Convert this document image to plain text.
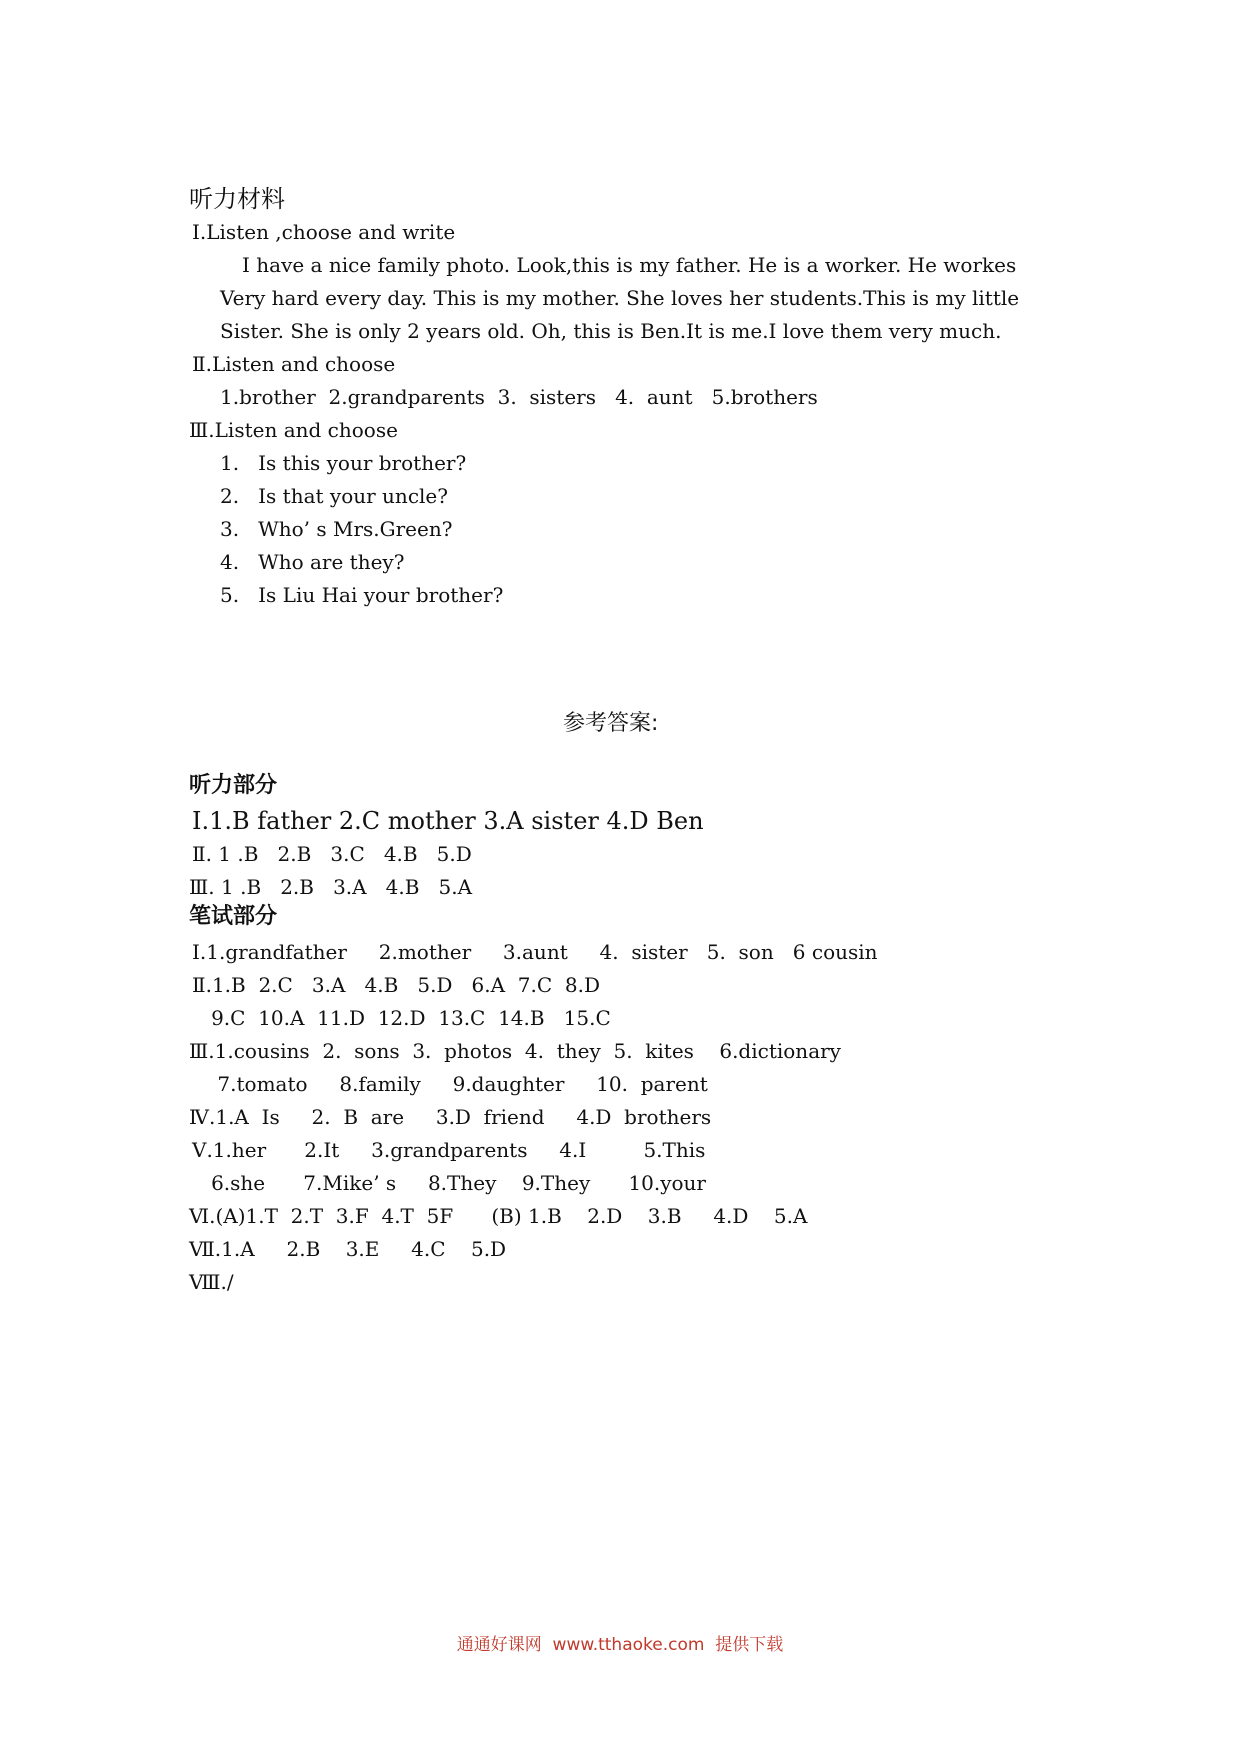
听力材料
Ⅰ.Listen ,choose and write
I have a nice family photo. Look,this is my father. He is a worker. He workes
Very hard every day. This is my mother. She loves her students.This is my little
Sister. She is only 2 years old. Oh, this is Ben.It is me.I love them very much.
Ⅱ.Listen and choose
1.brother  2.grandparents  3.  sisters   4.  aunt   5.brothers
Ⅲ.Listen and choose
1.   Is this your brother?
2.   Is that your uncle?
3.   Who’ s Mrs.Green?
4.   Who are they?
5.   Is Liu Hai your brother?
参考答案:
听力部分
Ⅰ.1.B father 2.C mother 3.A sister 4.D Ben
Ⅱ. 1 .B   2.B   3.C   4.B   5.D
Ⅲ. 1 .B   2.B   3.A   4.B   5.A
笔试部分
Ⅰ.1.grandfather     2.mother     3.aunt     4.  sister   5.  son   6 cousin
Ⅱ.1.B  2.C   3.A   4.B   5.D   6.A  7.C  8.D
9.C  10.A  11.D  12.D  13.C  14.B   15.C
Ⅲ.1.cousins  2.  sons  3.  photos  4.  they  5.  kites    6.dictionary
7.tomato     8.family     9.daughter     10.  parent
Ⅳ.1.A  Is     2.  B  are     3.D  friend     4.D  brothers
Ⅴ.1.her      2.It     3.grandparents     4.I         5.This
6.she      7.Mike’ s     8.They    9.They      10.your
Ⅵ.(A)1.T  2.T  3.F  4.T  5F      (B) 1.B    2.D    3.B     4.D    5.A
Ⅶ.1.A     2.B    3.E     4.C    5.D
Ⅷ./
通通好课网  www.tthaoke.com  提供下载
